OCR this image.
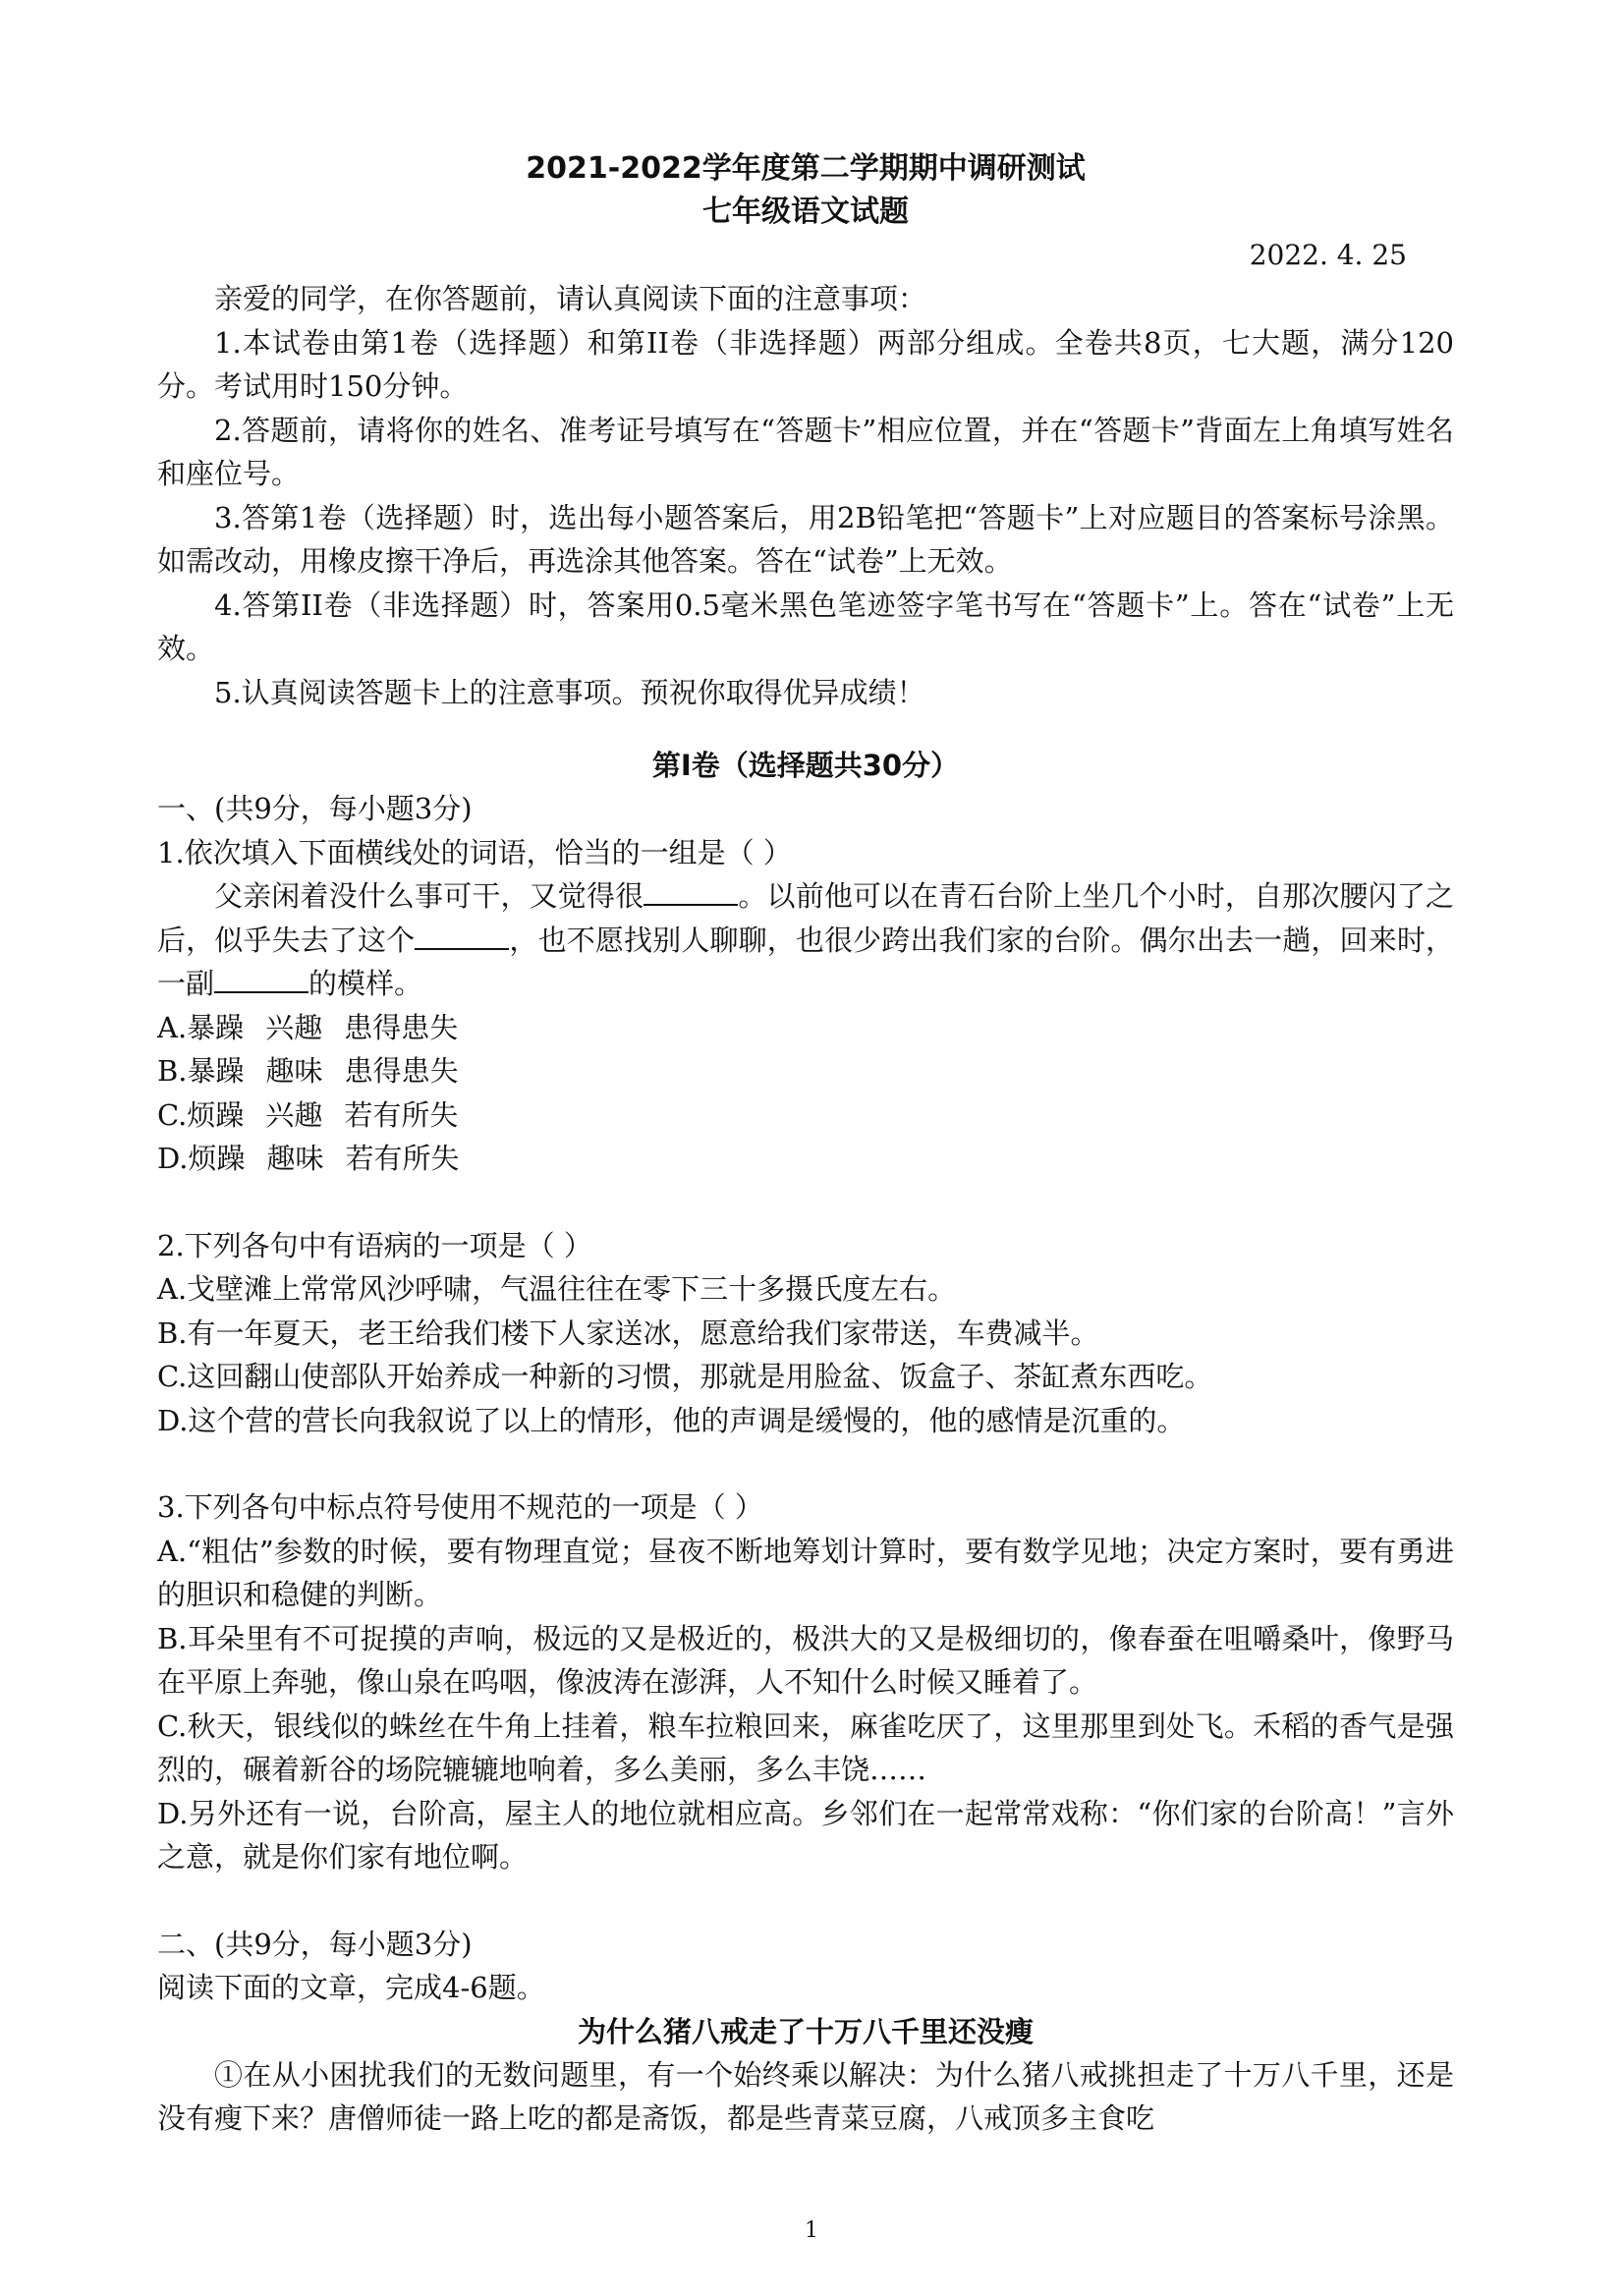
2021-2022学年度第二学期期中调研测试
七年级语文试题

2022. 4. 25

亲爱的同学，在你答题前，请认真阅读下面的注意事项：

1.本试卷由第1卷（选择题）和第II卷（非选择题）两部分组成。全卷共8页，七大题，满分120分。考试用时150分钟。

2.答题前，请将你的姓名、准考证号填写在“答题卡”相应位置，并在“答题卡”背面左上角填写姓名和座位号。

3.答第1卷（选择题）时，选出每小题答案后，用2B铅笔把“答题卡”上对应题目的答案标号涂黑。如需改动，用橡皮擦干净后，再选涂其他答案。答在“试卷”上无效。

4.答第II卷（非选择题）时，答案用0.5毫米黑色笔迹签字笔书写在“答题卡”上。答在“试卷”上无效。

5.认真阅读答题卡上的注意事项。预祝你取得优异成绩！

第I卷（选择题共30分）

一、(共9分，每小题3分)

1.依次填入下面横线处的词语，恰当的一组是（ ）

父亲闲着没什么事可干，又觉得很	。以前他可以在青石台阶上坐几个小时，自那次腰闪了之后，似乎失去了这个	，也不愿找别人聊聊，也很少跨出我们家的台阶。偶尔出去一趟，回来时，一副	的模样。

A.暴躁 兴趣 患得患失

B.暴躁 趣味 患得患失

C.烦躁 兴趣 若有所失

D.烦躁 趣味 若有所失

2.下列各句中有语病的一项是（ ）

A.戈壁滩上常常风沙呼啸，气温往往在零下三十多摄氏度左右。

B.有一年夏天，老王给我们楼下人家送冰，愿意给我们家带送，车费减半。

C.这回翻山使部队开始养成一种新的习惯，那就是用脸盆、饭盒子、茶缸煮东西吃。

D.这个营的营长向我叙说了以上的情形，他的声调是缓慢的，他的感情是沉重的。

3.下列各句中标点符号使用不规范的一项是（ ）

A.“粗估”参数的时候，要有物理直觉；昼夜不断地筹划计算时，要有数学见地；决定方案时，要有勇进的胆识和稳健的判断。

B.耳朵里有不可捉摸的声响，极远的又是极近的，极洪大的又是极细切的，像春蚕在咀嚼桑叶，像野马在平原上奔驰，像山泉在呜咽，像波涛在澎湃，人不知什么时候又睡着了。

C.秋天，银线似的蛛丝在牛角上挂着，粮车拉粮回来，麻雀吃厌了，这里那里到处飞。禾稻的香气是强烈的，碾着新谷的场院辘辘地响着，多么美丽，多么丰饶……

D.另外还有一说，台阶高，屋主人的地位就相应高。乡邻们在一起常常戏称：“你们家的台阶高！”言外之意，就是你们家有地位啊。

二、(共9分，每小题3分)

阅读下面的文章，完成4-6题。

为什么猪八戒走了十万八千里还没瘦

①在从小困扰我们的无数问题里，有一个始终乘以解决：为什么猪八戒挑担走了十万八千里，还是没有瘦下来？唐僧师徒一路上吃的都是斋饭，都是些青菜豆腐，八戒顶多主食吃

1
